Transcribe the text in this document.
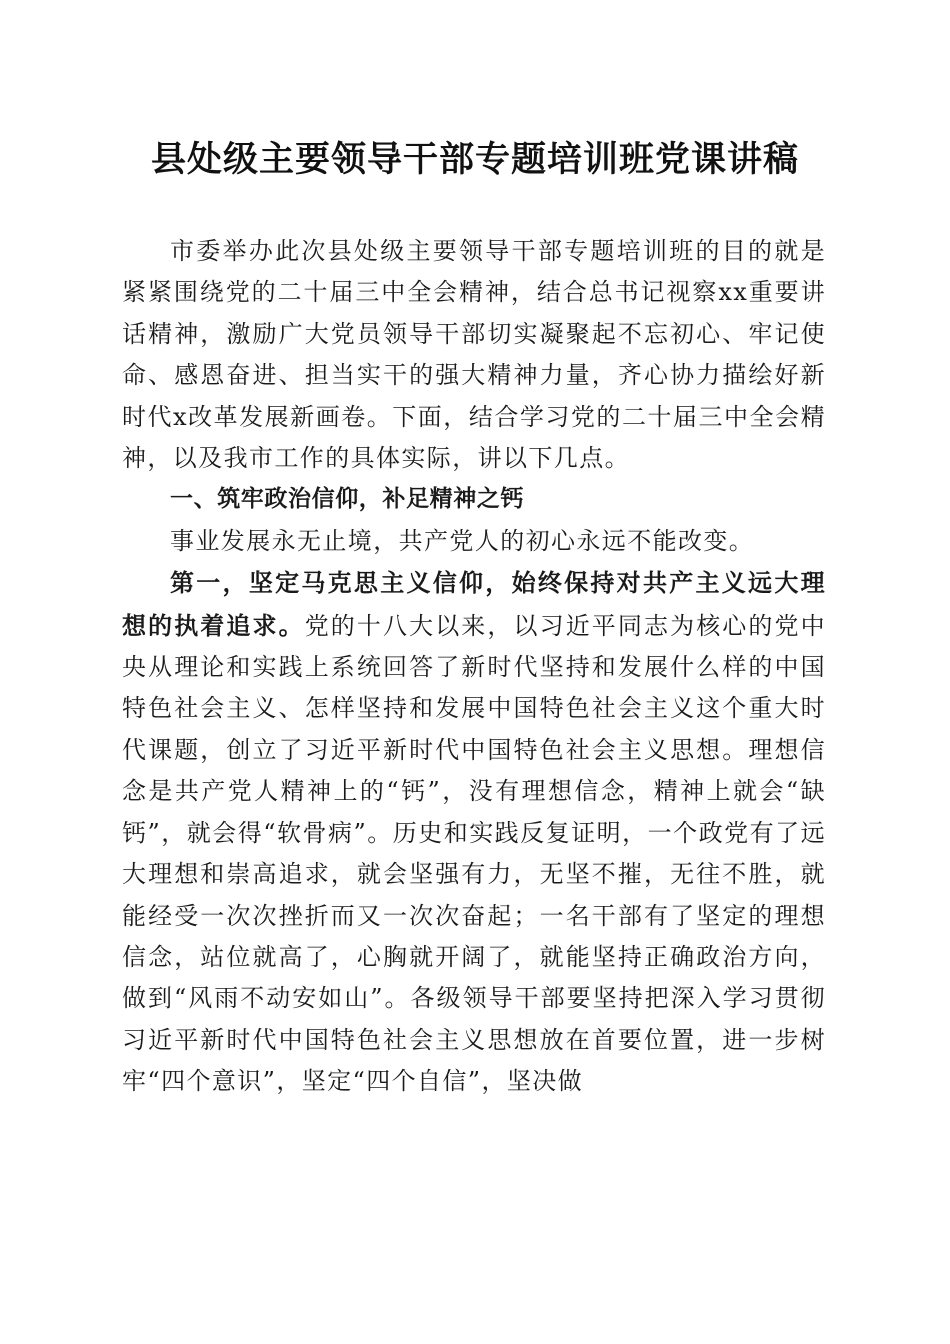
县处级主要领导干部专题培训班党课讲稿

市委举办此次县处级主要领导干部专题培训班的目的就是紧紧围绕党的二十届三中全会精神，结合总书记视察xx重要讲话精神，激励广大党员领导干部切实凝聚起不忘初心、牢记使命、感恩奋进、担当实干的强大精神力量，齐心协力描绘好新时代x改革发展新画卷。下面，结合学习党的二十届三中全会精神，以及我市工作的具体实际，讲以下几点。

一、筑牢政治信仰，补足精神之钙

事业发展永无止境，共产党人的初心永远不能改变。

第一，坚定马克思主义信仰，始终保持对共产主义远大理想的执着追求。党的十八大以来，以习近平同志为核心的党中央从理论和实践上系统回答了新时代坚持和发展什么样的中国特色社会主义、怎样坚持和发展中国特色社会主义这个重大时代课题，创立了习近平新时代中国特色社会主义思想。理想信念是共产党人精神上的“钙”，没有理想信念，精神上就会“缺钙”，就会得“软骨病”。历史和实践反复证明，一个政党有了远大理想和崇高追求，就会坚强有力，无坚不摧，无往不胜，就能经受一次次挫折而又一次次奋起；一名干部有了坚定的理想信念，站位就高了，心胸就开阔了，就能坚持正确政治方向，做到“风雨不动安如山”。各级领导干部要坚持把深入学习贯彻习近平新时代中国特色社会主义思想放在首要位置，进一步树牢“四个意识”，坚定“四个自信”，坚决做
